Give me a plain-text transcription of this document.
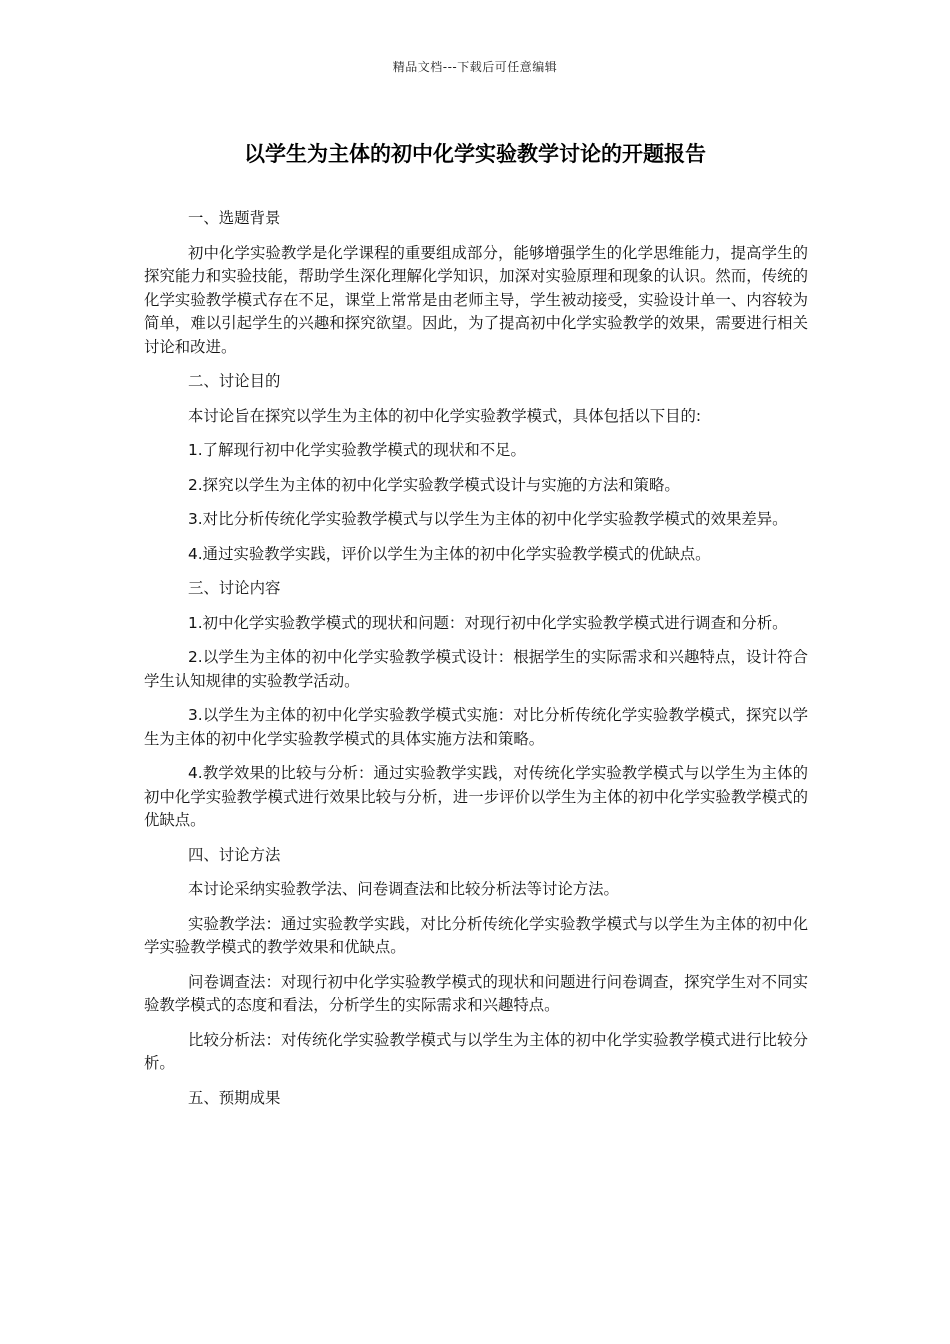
精品文档---下载后可任意编辑
以学生为主体的初中化学实验教学讨论的开题报告

一、选题背景

初中化学实验教学是化学课程的重要组成部分，能够增强学生的化学思维能力，提高学生的探究能力和实验技能，帮助学生深化理解化学知识，加深对实验原理和现象的认识。然而，传统的化学实验教学模式存在不足，课堂上常常是由老师主导，学生被动接受，实验设计单一、内容较为简单，难以引起学生的兴趣和探究欲望。因此，为了提高初中化学实验教学的效果，需要进行相关讨论和改进。

二、讨论目的

本讨论旨在探究以学生为主体的初中化学实验教学模式，具体包括以下目的:

1.了解现行初中化学实验教学模式的现状和不足。

2.探究以学生为主体的初中化学实验教学模式设计与实施的方法和策略。

3.对比分析传统化学实验教学模式与以学生为主体的初中化学实验教学模式的效果差异。

4.通过实验教学实践，评价以学生为主体的初中化学实验教学模式的优缺点。

三、讨论内容

1.初中化学实验教学模式的现状和问题：对现行初中化学实验教学模式进行调查和分析。

2.以学生为主体的初中化学实验教学模式设计：根据学生的实际需求和兴趣特点，设计符合学生认知规律的实验教学活动。

3.以学生为主体的初中化学实验教学模式实施：对比分析传统化学实验教学模式，探究以学生为主体的初中化学实验教学模式的具体实施方法和策略。

4.教学效果的比较与分析：通过实验教学实践，对传统化学实验教学模式与以学生为主体的初中化学实验教学模式进行效果比较与分析，进一步评价以学生为主体的初中化学实验教学模式的优缺点。

四、讨论方法

本讨论采纳实验教学法、问卷调查法和比较分析法等讨论方法。

实验教学法：通过实验教学实践，对比分析传统化学实验教学模式与以学生为主体的初中化学实验教学模式的教学效果和优缺点。

问卷调查法：对现行初中化学实验教学模式的现状和问题进行问卷调查，探究学生对不同实验教学模式的态度和看法，分析学生的实际需求和兴趣特点。

比较分析法：对传统化学实验教学模式与以学生为主体的初中化学实验教学模式进行比较分析。

五、预期成果
